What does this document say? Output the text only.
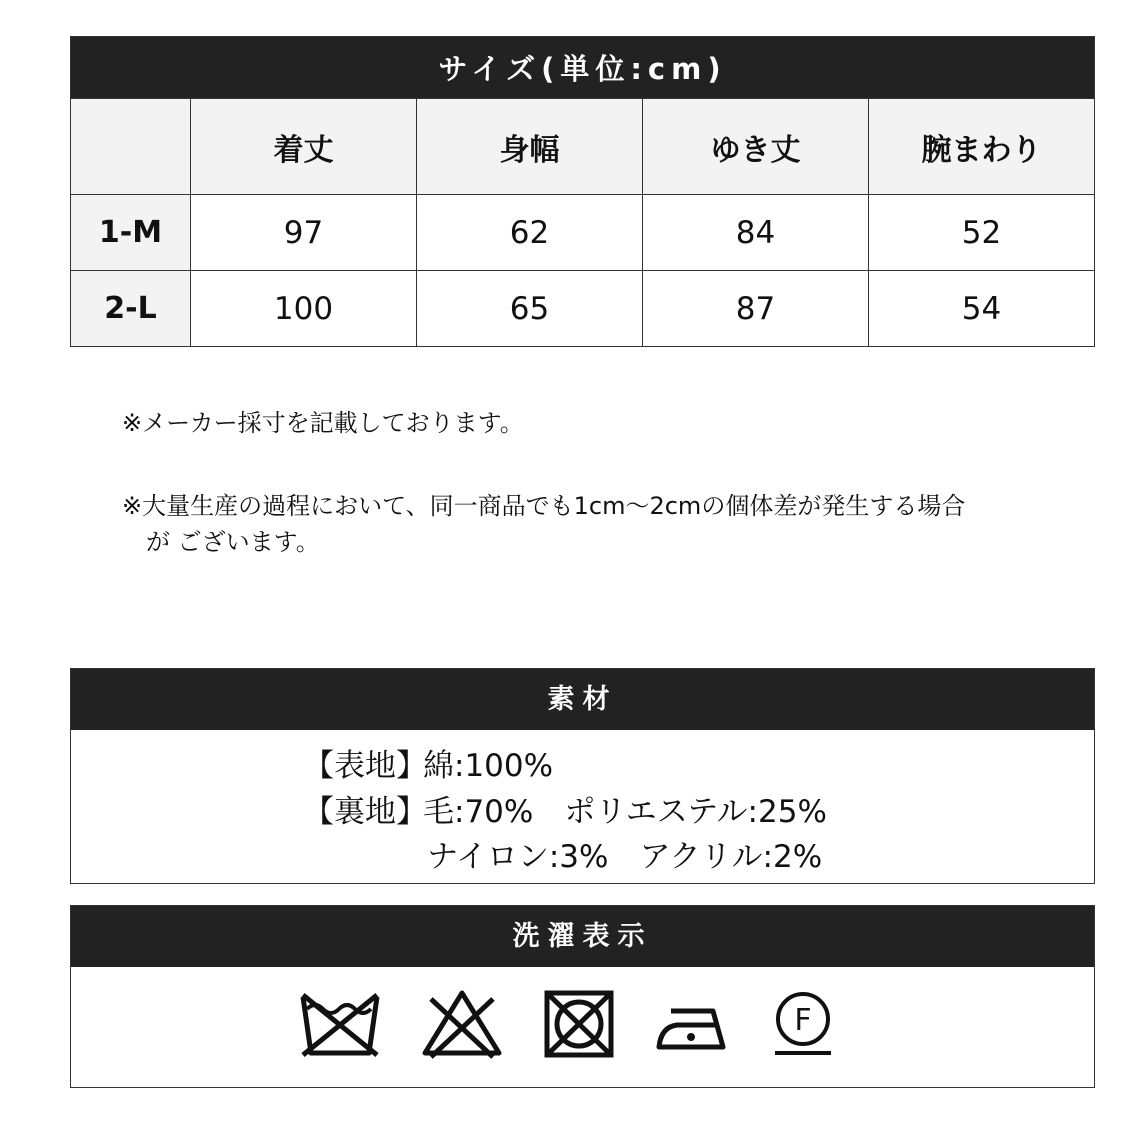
サイズ(単位:cm)				
	着丈	身幅	ゆき丈	腕まわり
1-M	97	62	84	52
2-L	100	65	87	54
※メーカー採寸を記載しております。
※大量生産の過程において、同一商品でも1cm〜2cmの個体差が発生する場合
が ございます。
素材
【表地】綿:100%
【裏地】毛:70%　ポリエステル:25%
ナイロン:3%　アクリル:2%
洗濯表示
F
